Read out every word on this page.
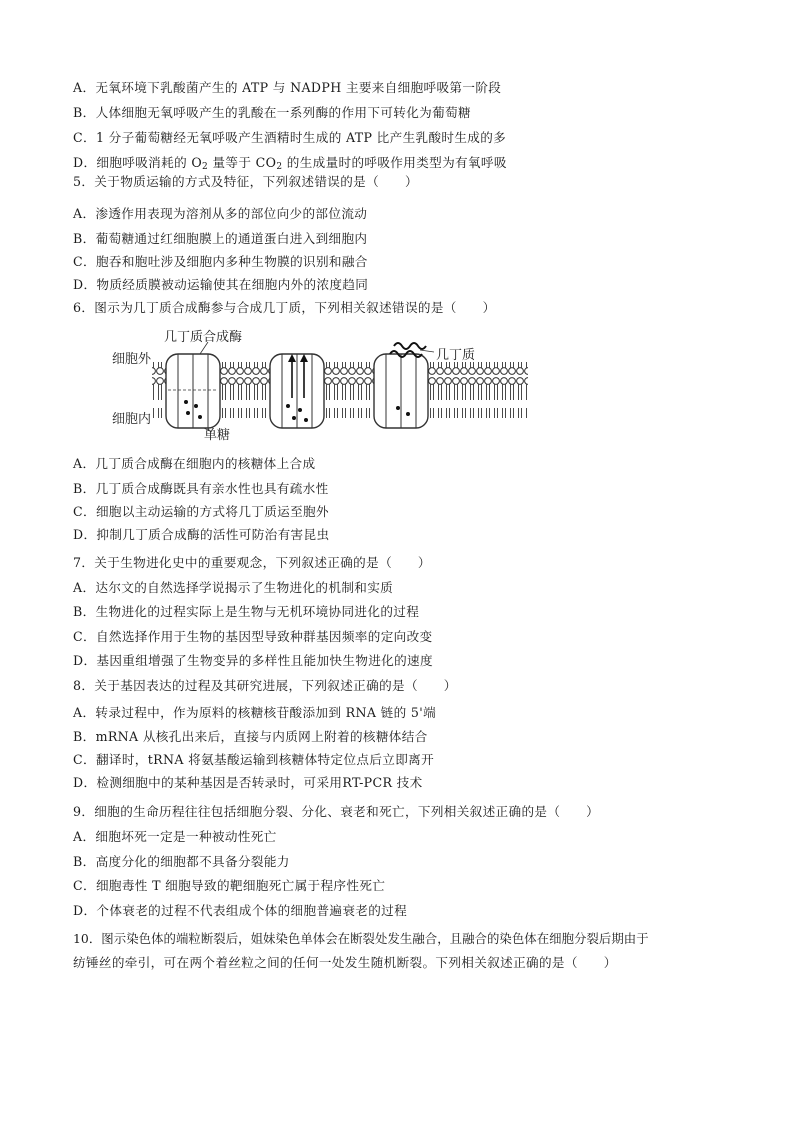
A．无氧环境下乳酸菌产生的 ATP 与 NADPH 主要来自细胞呼吸第一阶段
B．人体细胞无氧呼吸产生的乳酸在一系列酶的作用下可转化为葡萄糖
C．1 分子葡萄糖经无氧呼吸产生酒精时生成的 ATP 比产生乳酸时生成的多
D．细胞呼吸消耗的 $O_2$ 量等于 $CO_2$ 的生成量时的呼吸作用类型为有氧呼吸
5．关于物质运输的方式及特征，下列叙述错误的是（　　）
A．渗透作用表现为溶剂从多的部位向少的部位流动
B．葡萄糖通过红细胞膜上的通道蛋白进入到细胞内
C．胞吞和胞吐涉及细胞内多种生物膜的识别和融合
D．物质经质膜被动运输使其在细胞内外的浓度趋同
6．图示为几丁质合成酶参与合成几丁质，下列相关叙述错误的是（　　）
几丁质合成酶
细胞外
细胞内
单糖
几丁质
A．几丁质合成酶在细胞内的核糖体上合成
B．几丁质合成酶既具有亲水性也具有疏水性
C．细胞以主动运输的方式将几丁质运至胞外
D．抑制几丁质合成酶的活性可防治有害昆虫
7．关于生物进化史中的重要观念，下列叙述正确的是（　　）
A．达尔文的自然选择学说揭示了生物进化的机制和实质
B．生物进化的过程实际上是生物与无机环境协同进化的过程
C．自然选择作用于生物的基因型导致种群基因频率的定向改变
D．基因重组增强了生物变异的多样性且能加快生物进化的速度
8．关于基因表达的过程及其研究进展，下列叙述正确的是（　　）
A．转录过程中，作为原料的核糖核苷酸添加到 RNA 链的 5'端
B．mRNA 从核孔出来后，直接与内质网上附着的核糖体结合
C．翻译时，tRNA 将氨基酸运输到核糖体特定位点后立即离开
D．检测细胞中的某种基因是否转录时，可采用RT-PCR 技术
9．细胞的生命历程往往包括细胞分裂、分化、衰老和死亡，下列相关叙述正确的是（　　）
A．细胞坏死一定是一种被动性死亡
B．高度分化的细胞都不具备分裂能力
C．细胞毒性 T 细胞导致的靶细胞死亡属于程序性死亡
D．个体衰老的过程不代表组成个体的细胞普遍衰老的过程
10．图示染色体的端粒断裂后，姐妹染色单体会在断裂处发生融合，且融合的染色体在细胞分裂后期由于
纺锤丝的牵引，可在两个着丝粒之间的任何一处发生随机断裂。下列相关叙述正确的是（　　）
